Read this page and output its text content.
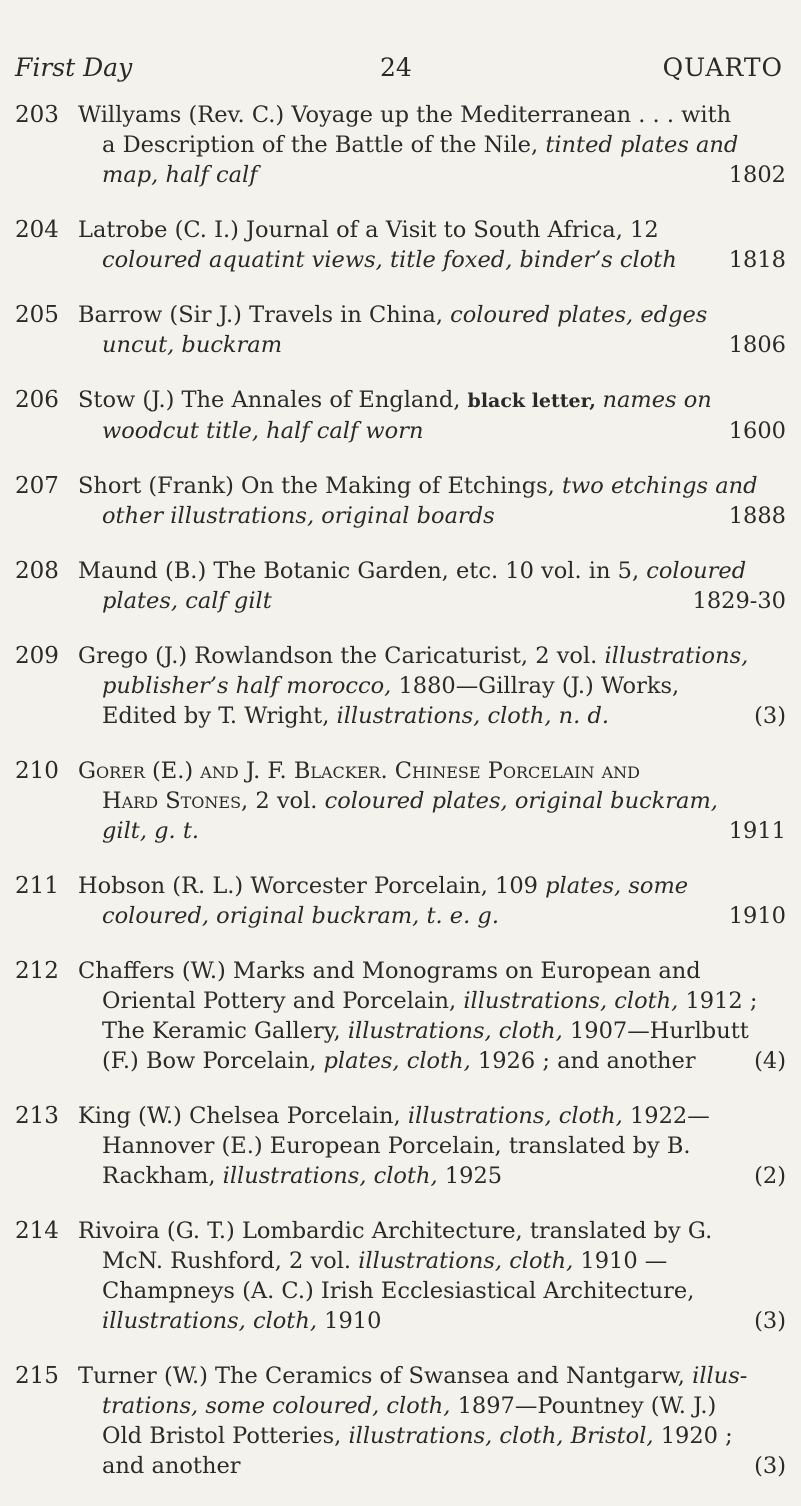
First Day	24	QUARTO
203 Willyams (Rev. C.) Voyage up the Mediterranean . . . with
a Description of the Battle of the Nile, tinted plates and
map, half calf	1802
204 Latrobe (C. I.) Journal of a Visit to South Africa, 12
coloured aquatint views, title foxed, binder’s cloth 1818
205 Barrow (Sir J.) Travels in China, coloured plates, edges
uncut, buckram	1806
206 Stow (J.) The Annales of England, black letter, names on
woodcut title, half calf worn	1600
207 Short (Frank) On the Making of Etchings, two etchings and
other illustrations, original boards	1888
208 Maund (B.) The Botanic Garden, etc. 10 vol. in 5, coloured
plates, calf gilt	1829-30
209 Grego (J.) Rowlandson the Caricaturist, 2 vol. illustrations,
publisher’s half morocco, 1880—Gillray (J.) Works,
Edited by T. Wright, illustrations, cloth, n. d.	(3)
210 Gorer (E.) and J. F. Blacker. Chinese Porcelain and
Hard Stones, 2 vol. coloured plates, original buckram,
gilt, g. t.	1911
211 Hobson (R. L.) Worcester Porcelain, 109 plates, some
coloured, original buckram, t. e. g.	1910
212 Chaffers (W.) Marks and Monograms on European and
Oriental Pottery and Porcelain, illustrations, cloth, 1912 ;
The Keramic Gallery, illustrations, cloth, 1907—Hurlbutt
(F.) Bow Porcelain, plates, cloth, 1926 ; and another	(4)
213 King (W.) Chelsea Porcelain, illustrations, cloth, 1922—
Hannover (E.) European Porcelain, translated by B.
Rackham, illustrations, cloth, 1925	(2)
214 Rivoira (G. T.) Lombardic Architecture, translated by G.
McN. Rushford, 2 vol. illustrations, cloth, 1910 —
Champneys (A. C.) Irish Ecclesiastical Architecture,
illustrations, cloth, 1910	(3)
215 Turner (W.) The Ceramics of Swansea and Nantgarw, illus-
trations, some coloured, cloth, 1897—Pountney (W. J.)
Old Bristol Potteries, illustrations, cloth, Bristol, 1920 ;
and another	(3)
